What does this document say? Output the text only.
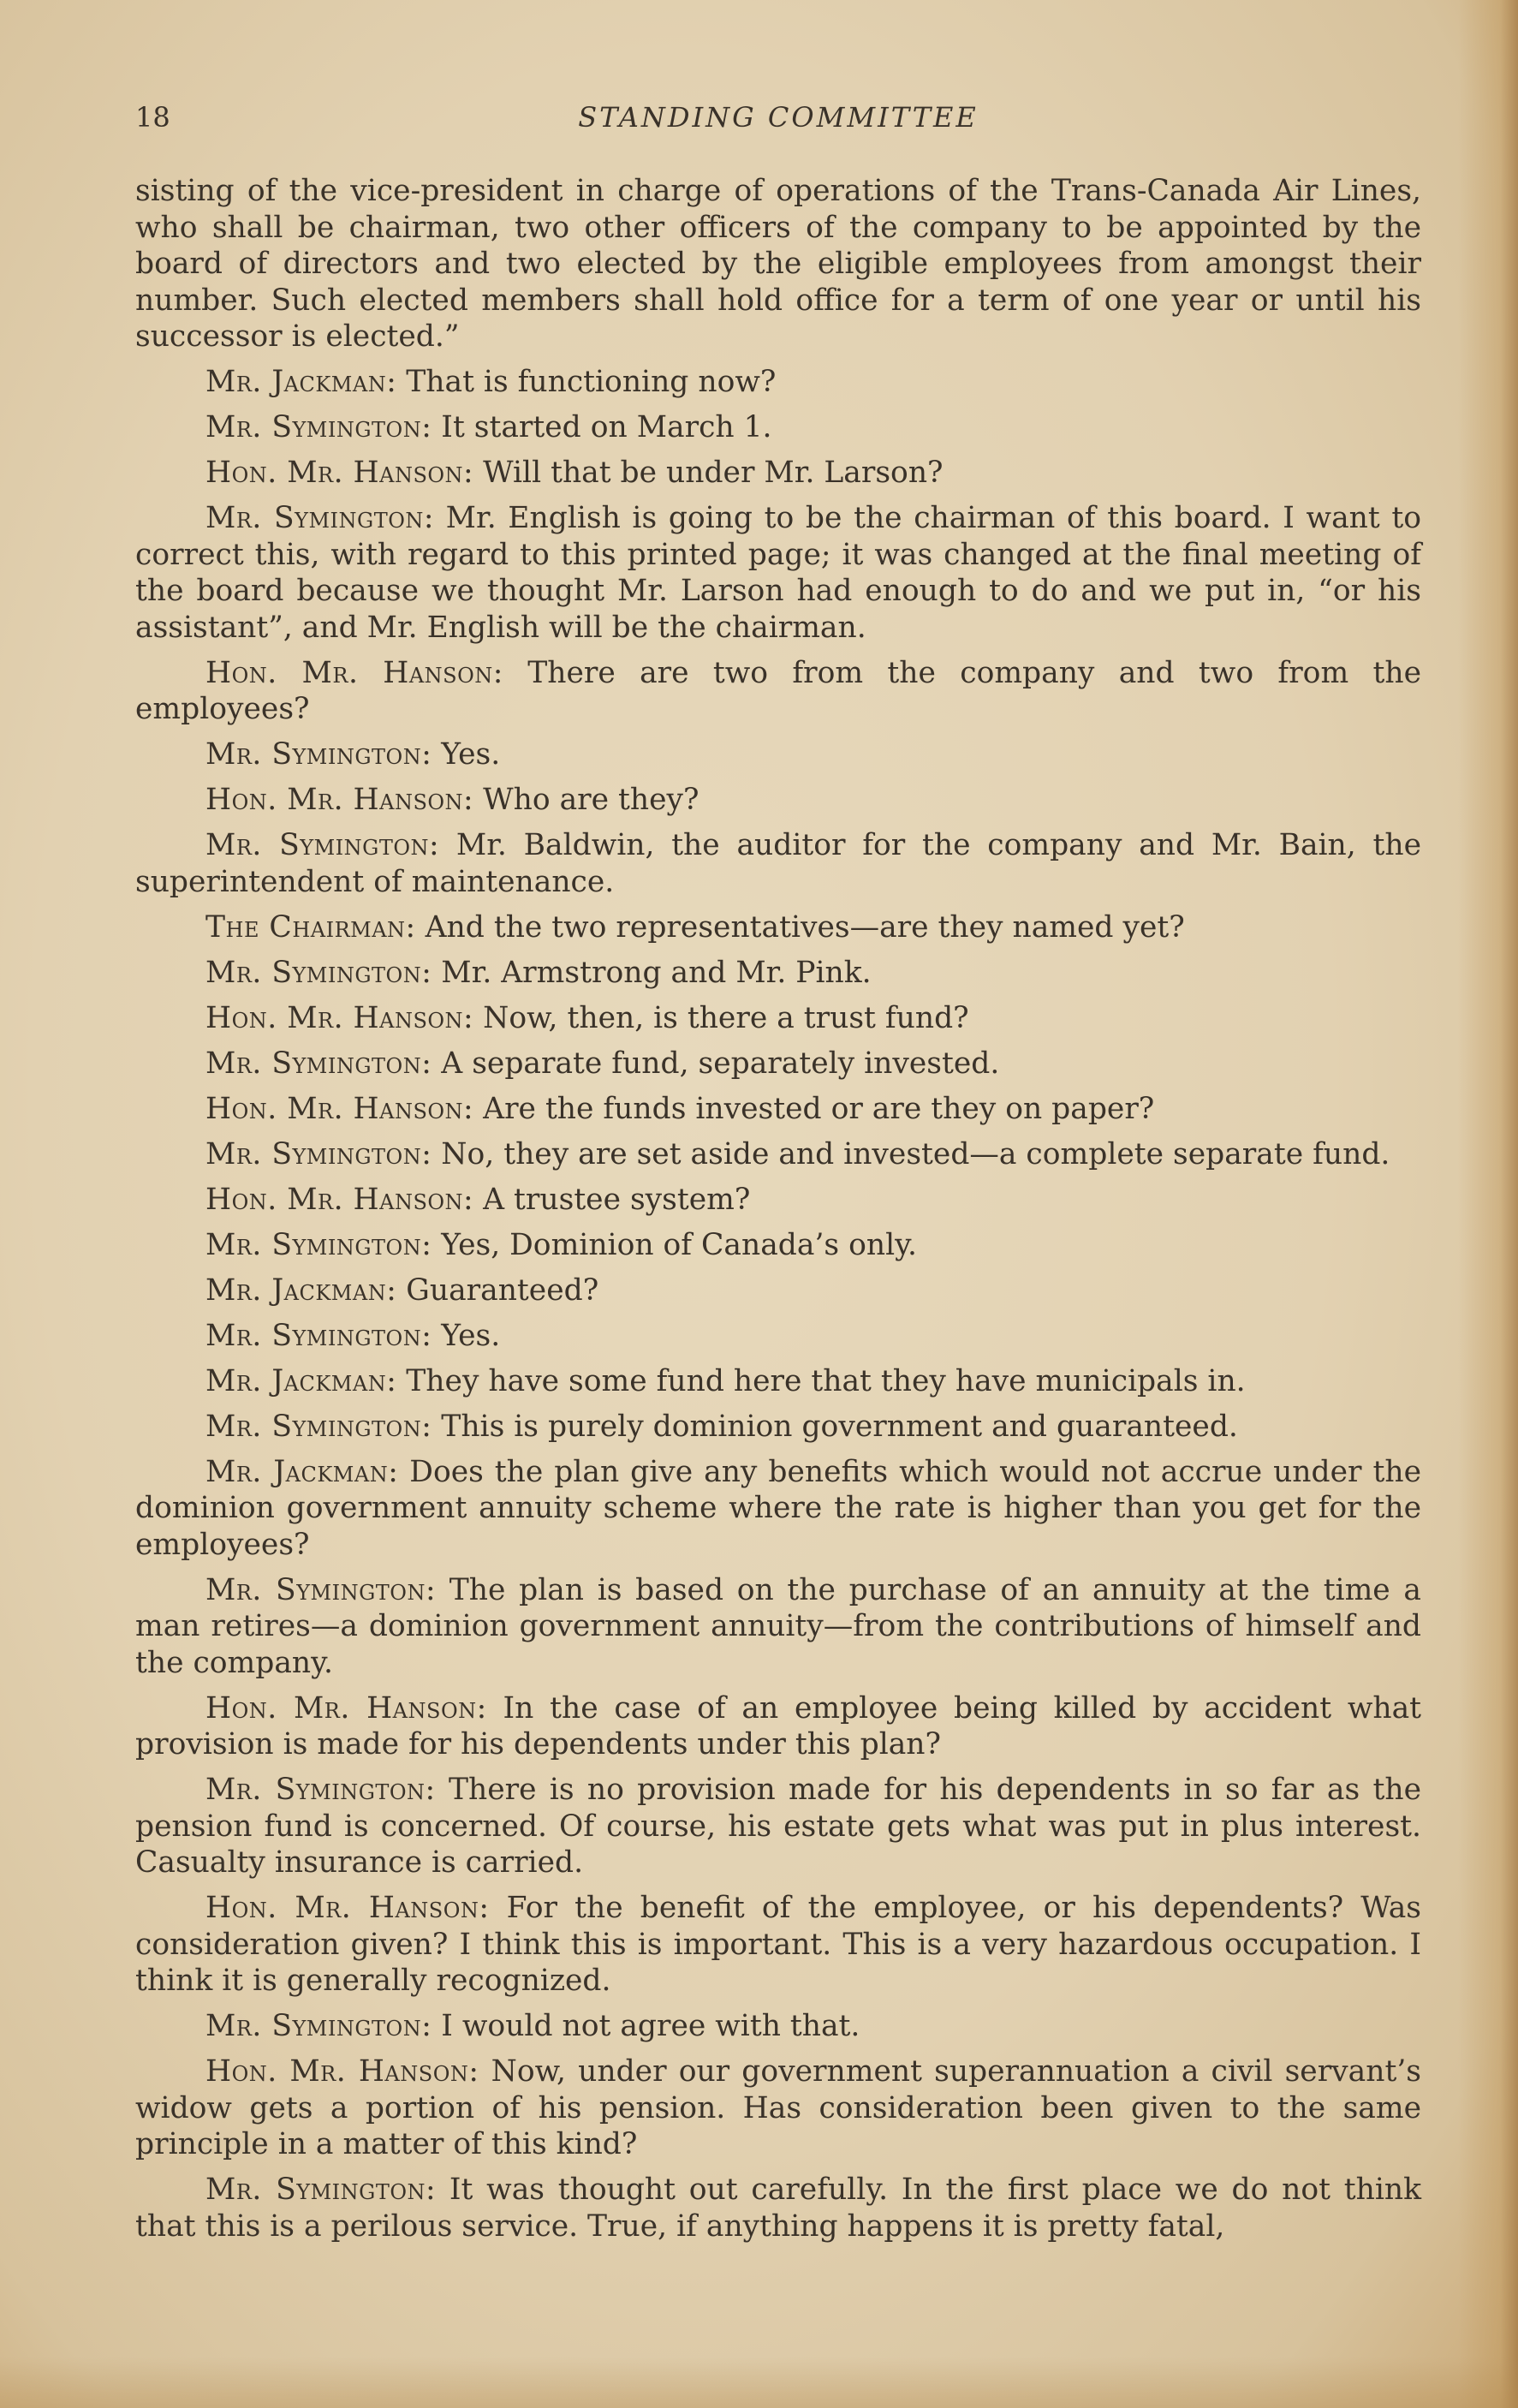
18	STANDING COMMITTEE

sisting of the vice-president in charge of operations of the Trans-Canada Air Lines, who shall be chairman, two other officers of the company to be appointed by the board of directors and two elected by the eligible employees from amongst their number. Such elected members shall hold office for a term of one year or until his successor is elected.”

Mr. Jackman: That is functioning now?

Mr. Symington: It started on March 1.

Hon. Mr. Hanson: Will that be under Mr. Larson?

Mr. Symington: Mr. English is going to be the chairman of this board. I want to correct this, with regard to this printed page; it was changed at the final meeting of the board because we thought Mr. Larson had enough to do and we put in, “or his assistant”, and Mr. English will be the chairman.

Hon. Mr. Hanson: There are two from the company and two from the employees?

Mr. Symington: Yes.

Hon. Mr. Hanson: Who are they?

Mr. Symington: Mr. Baldwin, the auditor for the company and Mr. Bain, the superintendent of maintenance.

The Chairman: And the two representatives—are they named yet?

Mr. Symington: Mr. Armstrong and Mr. Pink.

Hon. Mr. Hanson: Now, then, is there a trust fund?

Mr. Symington: A separate fund, separately invested.

Hon. Mr. Hanson: Are the funds invested or are they on paper?

Mr. Symington: No, they are set aside and invested—a complete separate fund.

Hon. Mr. Hanson: A trustee system?

Mr. Symington: Yes, Dominion of Canada’s only.

Mr. Jackman: Guaranteed?

Mr. Symington: Yes.

Mr. Jackman: They have some fund here that they have municipals in.

Mr. Symington: This is purely dominion government and guaranteed.

Mr. Jackman: Does the plan give any benefits which would not accrue under the dominion government annuity scheme where the rate is higher than you get for the employees?

Mr. Symington: The plan is based on the purchase of an annuity at the time a man retires—a dominion government annuity—from the contributions of himself and the company.

Hon. Mr. Hanson: In the case of an employee being killed by accident what provision is made for his dependents under this plan?

Mr. Symington: There is no provision made for his dependents in so far as the pension fund is concerned. Of course, his estate gets what was put in plus interest. Casualty insurance is carried.

Hon. Mr. Hanson: For the benefit of the employee, or his dependents? Was consideration given? I think this is important. This is a very hazardous occupation. I think it is generally recognized.

Mr. Symington: I would not agree with that.

Hon. Mr. Hanson: Now, under our government superannuation a civil servant’s widow gets a portion of his pension. Has consideration been given to the same principle in a matter of this kind?

Mr. Symington: It was thought out carefully. In the first place we do not think that this is a perilous service. True, if anything happens it is pretty fatal,
